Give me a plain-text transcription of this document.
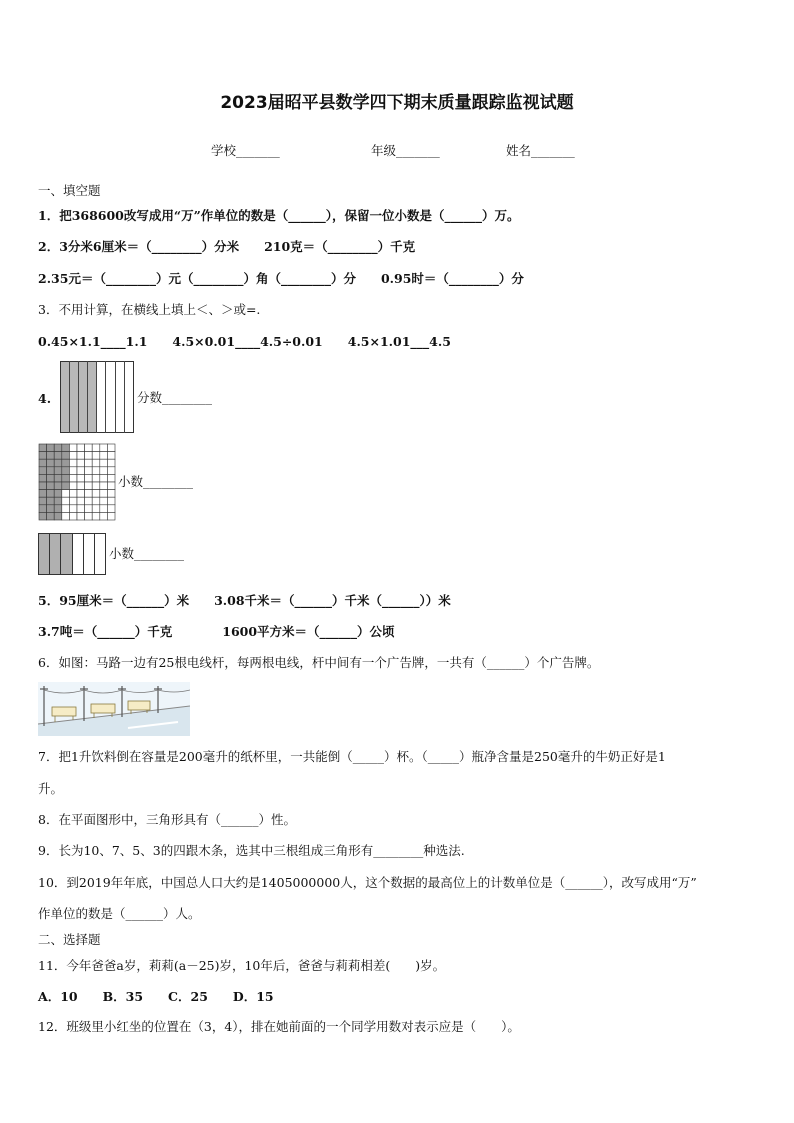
2023届昭平县数学四下期末质量跟踪监视试题
学校_______	年级_______	姓名_______
一、填空题
1．把368600改写成用“万”作单位的数是（______），保留一位小数是（______）万。
2．3分米6厘米＝（________）分米　　210克＝（________）千克
2.35元＝（________）元（________）角（________）分　　0.95时＝（________）分
3．不用计算，在横线上填上＜、＞或=.
0.45×1.1____1.1　　4.5×0.01____4.5÷0.01　　4.5×1.01___4.5
4.	分数________
小数________
小数________
5．95厘米＝（______）米　　3.08千米＝（______）千米（______））米
3.7吨＝（______）千克　　　　1600平方米＝（______）公顷
6．如图：马路一边有25根电线杆，每两根电线，杆中间有一个广告牌，一共有（______）个广告牌。
7．把1升饮料倒在容量是200毫升的纸杯里，一共能倒（_____）杯。（_____）瓶净含量是250毫升的牛奶正好是1
升。
8．在平面图形中，三角形具有（______）性。
9．长为10、7、5、3的四跟木条，选其中三根组成三角形有________种选法.
10．到2019年年底，中国总人口大约是1405000000人，这个数据的最高位上的计数单位是（______），改写成用“万”
作单位的数是（______）人。
二、选择题
11．今年爸爸a岁，莉莉(a－25)岁，10年后，爸爸与莉莉相差(　　)岁。
A．10　　B．35　　C．25　　D．15
12．班级里小红坐的位置在（3，4），排在她前面的一个同学用数对表示应是（　　）。
